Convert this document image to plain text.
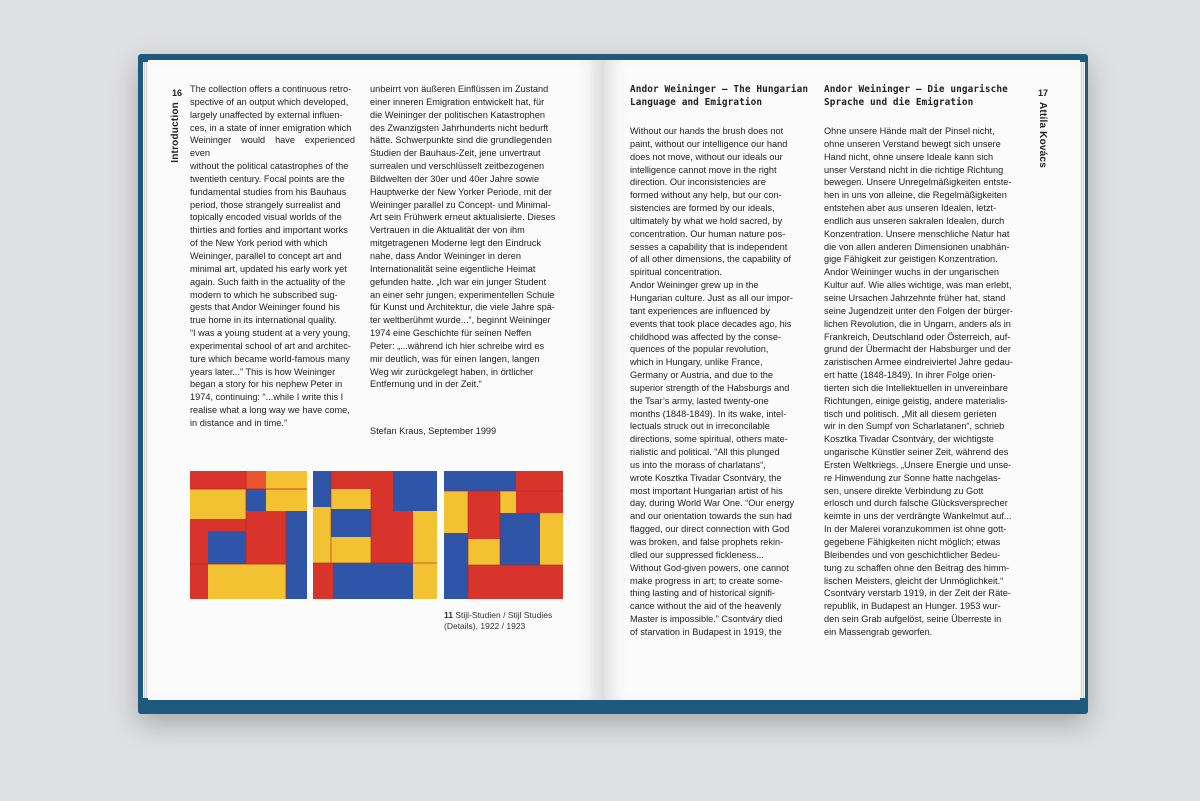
16
Introduction
The collection offers a continuous retro-
spective of an output which developed,
largely unaffected by external influen-
ces, in a state of inner emigration which
Weininger would have experienced even
without the political catastrophes of the
twentieth century. Focal points are the
fundamental studies from his Bauhaus
period, those strangely surrealist and
topically encoded visual worlds of the
thirties and forties and important works
of the New York period with which
Weininger, parallel to concept art and
minimal art, updated his early work yet
again. Such faith in the actuality of the
modern to which he subscribed sug-
gests that Andor Weininger found his
true home in its international quality.
“I was a young student at a very young,
experimental school of art and architec-
ture which became world-famous many
years later...” This is how Weininger
began a story for his nephew Peter in
1974, continuing: “...while I write this I
realise what a long way we have come,
in distance and in time.”
unbeirrt von äußeren Einflüssen im Zustand
einer inneren Emigration entwickelt hat, für
die Weininger der politischen Katastrophen
des Zwanzigsten Jahrhunderts nicht bedurft
hätte. Schwerpunkte sind die grundlegenden
Studien der Bauhaus-Zeit, jene unvertraut
surrealen und verschlüsselt zeitbezogenen
Bildwelten der 30er und 40er Jahre sowie
Hauptwerke der New Yorker Periode, mit der
Weininger parallel zu Concept- und Minimal-
Art sein Frühwerk erneut aktualisierte. Dieses
Vertrauen in die Aktualität der von ihm
mitgetragenen Moderne legt den Eindruck
nahe, dass Andor Weininger in deren
Internationalität seine eigentliche Heimat
gefunden hatte. „Ich war ein junger Student
an einer sehr jungen, experimentellen Schule
für Kunst und Architektur, die viele Jahre spä-
ter weltberühmt wurde...“, beginnt Weininger
1974 eine Geschichte für seinen Neffen
Peter: „...während ich hier schreibe wird es
mir deutlich, was für einen langen, langen
Weg wir zurückgelegt haben, in örtlicher
Entfernung und in der Zeit.“
Stefan Kraus, September 1999
11 Stijl-Studien / Stijl Studies
(Details), 1922 / 1923
Andor Weininger – The Hungarian
Language and Emigration
Andor Weininger – Die ungarische
Sprache und die Emigration
17
Attila Kovács
Without our hands the brush does not
paint, without our intelligence our hand
does not move, without our ideals our
intelligence cannot move in the right
direction. Our inconsistencies are
formed without any help, but our con-
sistencies are formed by our ideals,
ultimately by what we hold sacred, by
concentration. Our human nature pos-
sesses a capability that is independent
of all other dimensions, the capability of
spiritual concentration.
Andor Weininger grew up in the
Hungarian culture. Just as all our impor-
tant experiences are influenced by
events that took place decades ago, his
childhood was affected by the conse-
quences of the popular revolution,
which in Hungary, unlike France,
Germany or Austria, and due to the
superior strength of the Habsburgs and
the Tsar’s army, lasted twenty-one
months (1848-1849). In its wake, intel-
lectuals struck out in irreconcilable
directions, some spiritual, others mate-
rialistic and political. “All this plunged
us into the morass of charlatans“,
wrote Kosztka Tivadar Csontváry, the
most important Hungarian artist of his
day, during World War One. “Our energy
and our orientation towards the sun had
flagged, our direct connection with God
was broken, and false prophets rekin-
dled our suppressed fickleness...
Without God-given powers, one cannot
make progress in art; to create some-
thing lasting and of historical signifi-
cance without the aid of the heavenly
Master is impossible.” Csontváry died
of starvation in Budapest in 1919, the
Ohne unsere Hände malt der Pinsel nicht,
ohne unseren Verstand bewegt sich unsere
Hand nicht, ohne unsere Ideale kann sich
unser Verstand nicht in die richtige Richtung
bewegen. Unsere Unregelmäßigkeiten entste-
hen in uns von alleine, die Regelmäßigkeiten
entstehen aber aus unseren Idealen, letzt-
endlich aus unseren sakralen Idealen, durch
Konzentration. Unsere menschliche Natur hat
die von allen anderen Dimensionen unabhän-
gige Fähigkeit zur geistigen Konzentration.
Andor Weininger wuchs in der ungarischen
Kultur auf. Wie alles wichtige, was man erlebt,
seine Ursachen Jahrzehnte früher hat, stand
seine Jugendzeit unter den Folgen der bürger-
lichen Revolution, die in Ungarn, anders als in
Frankreich, Deutschland oder Österreich, auf-
grund der Übermacht der Habsburger und der
zaristischen Armee eindreiviertel Jahre gedau-
ert hatte (1848-1849). In ihrer Folge orien-
tierten sich die Intellektuellen in unvereinbare
Richtungen, einige geistig, andere materialis-
tisch und politisch. „Mit all diesem gerieten
wir in den Sumpf von Scharlatanen“, schrieb
Kosztka Tivadar Csontváry, der wichtigste
ungarische Künstler seiner Zeit, während des
Ersten Weltkriegs. „Unsere Energie und unse-
re Hinwendung zur Sonne hatte nachgelas-
sen, unsere direkte Verbindung zu Gott
erlosch und durch falsche Glücksversprecher
keimte in uns der verdrängte Wankelmut auf...
In der Malerei voranzukommen ist ohne gott-
gegebene Fähigkeiten nicht möglich; etwas
Bleibendes und von geschichtlicher Bedeu-
tung zu schaffen ohne den Beitrag des himm-
lischen Meisters, gleicht der Unmöglichkeit.“
Csontváry verstarb 1919, in der Zeit der Räte-
republik, in Budapest an Hunger. 1953 wur-
den sein Grab aufgelöst, seine Überreste in
ein Massengrab geworfen.
